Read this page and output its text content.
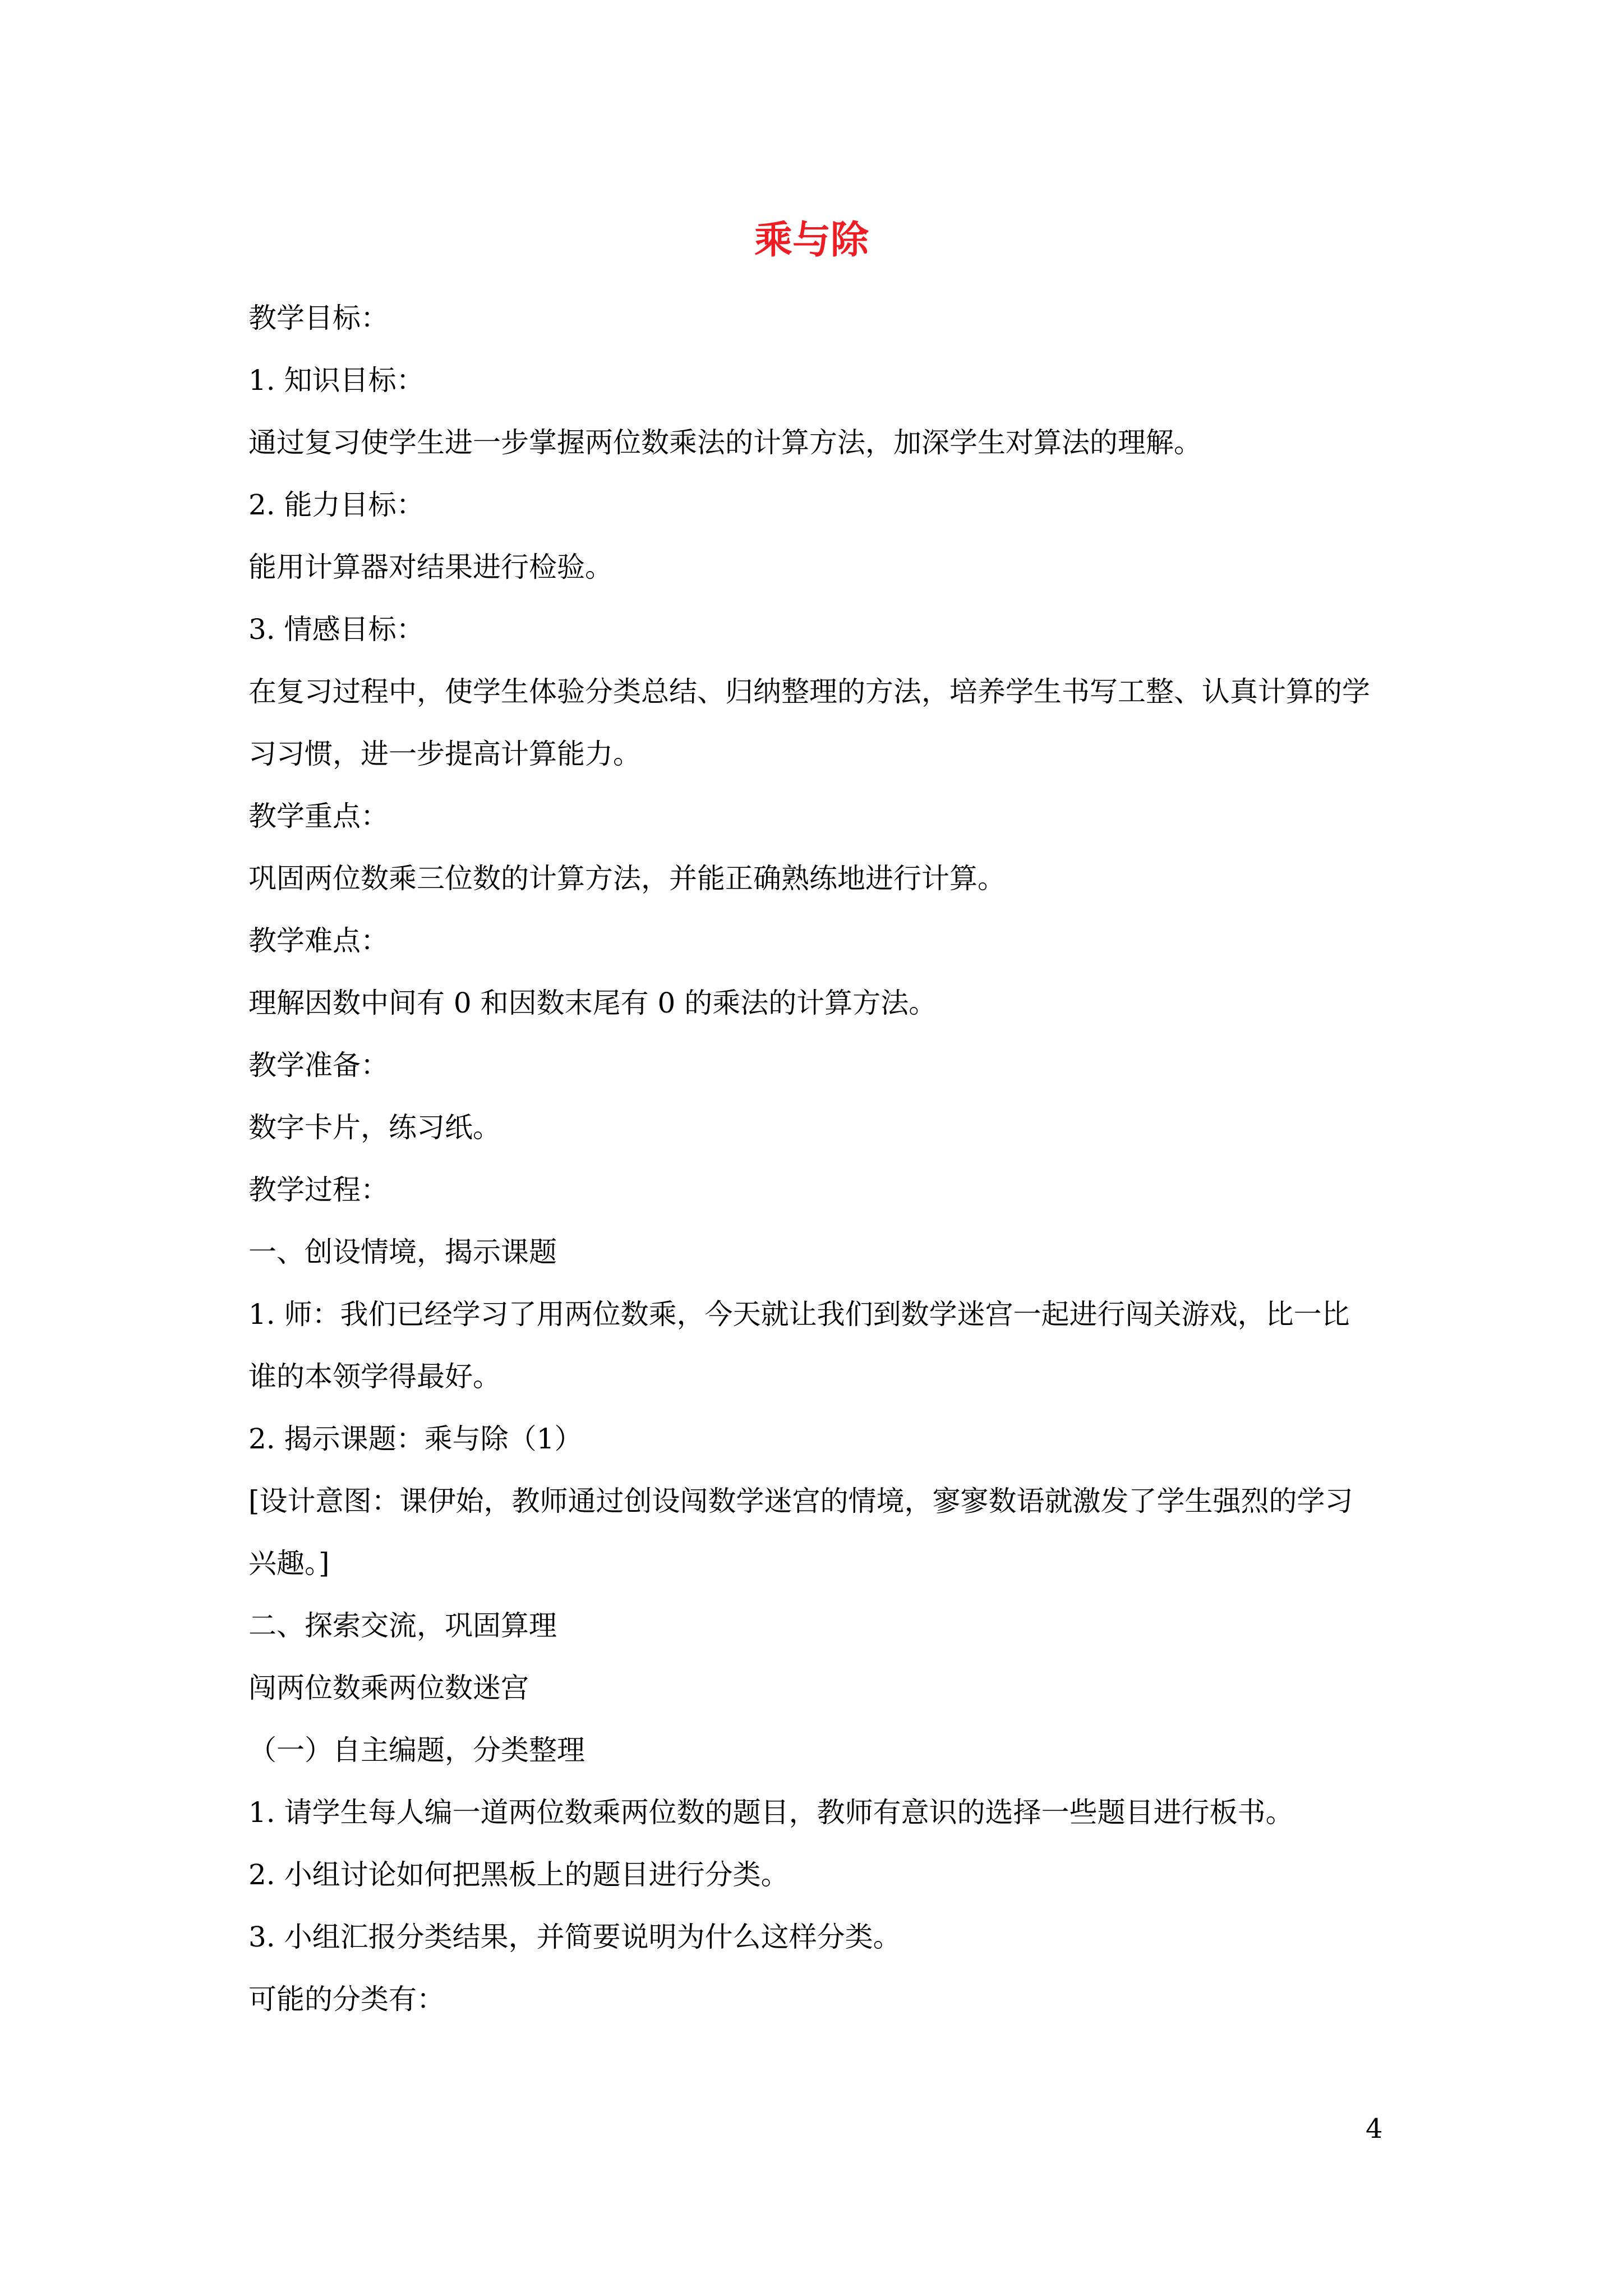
乘与除
教学目标：
1. 知识目标：
通过复习使学生进一步掌握两位数乘法的计算方法，加深学生对算法的理解。
2. 能力目标：
能用计算器对结果进行检验。
3. 情感目标：
在复习过程中，使学生体验分类总结、归纳整理的方法，培养学生书写工整、认真计算的学
习习惯，进一步提高计算能力。
教学重点：
巩固两位数乘三位数的计算方法，并能正确熟练地进行计算。
教学难点：
理解因数中间有 0 和因数末尾有 0 的乘法的计算方法。
教学准备：
数字卡片，练习纸。
教学过程：
一、创设情境，揭示课题
1. 师：我们已经学习了用两位数乘，今天就让我们到数学迷宫一起进行闯关游戏，比一比
谁的本领学得最好。
2. 揭示课题：乘与除（1）
[设计意图：课伊始，教师通过创设闯数学迷宫的情境，寥寥数语就激发了学生强烈的学习
兴趣。]
二、探索交流，巩固算理
闯两位数乘两位数迷宫
（一）自主编题，分类整理
1. 请学生每人编一道两位数乘两位数的题目，教师有意识的选择一些题目进行板书。
2. 小组讨论如何把黑板上的题目进行分类。
3. 小组汇报分类结果，并简要说明为什么这样分类。
可能的分类有：
4
